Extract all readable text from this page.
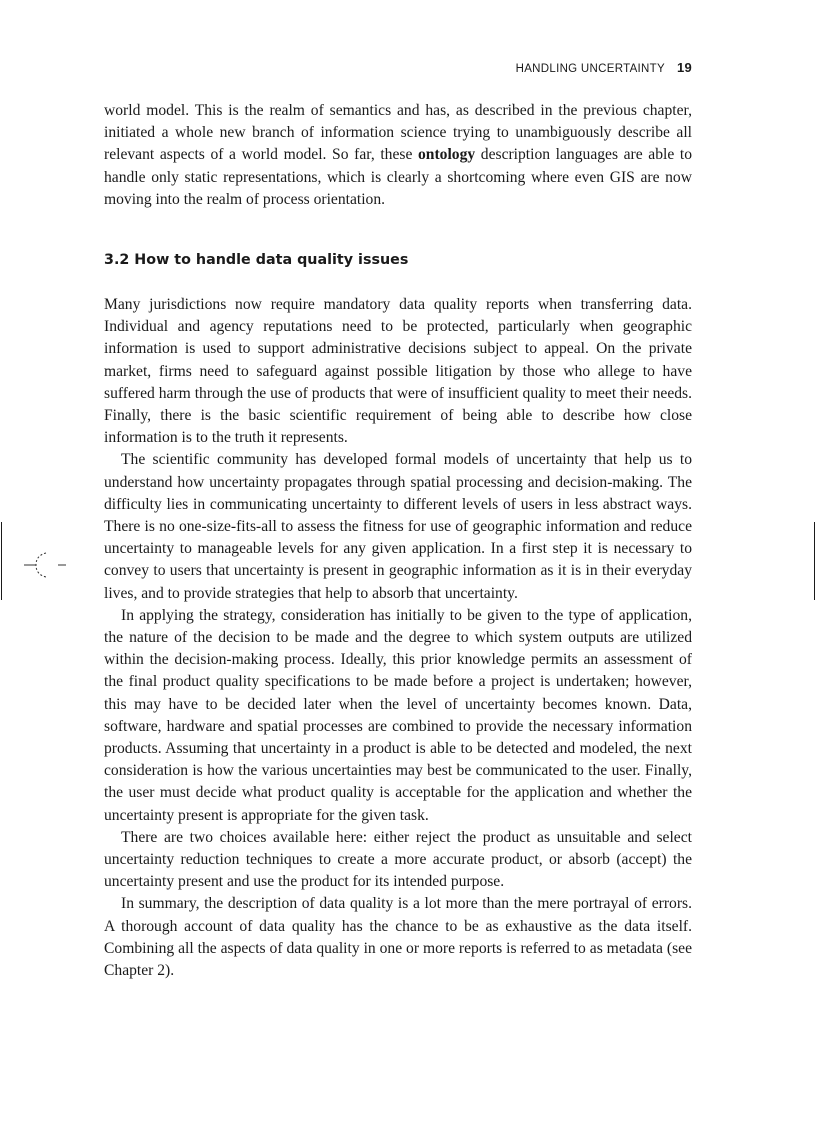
HANDLING UNCERTAINTY 19

world model. This is the realm of semantics and has, as described in the previous chapter, initiated a whole new branch of information science trying to unambiguously describe all relevant aspects of a world model. So far, these ontology description languages are able to handle only static representations, which is clearly a shortcoming where even GIS are now moving into the realm of process orientation.

3.2 How to handle data quality issues

Many jurisdictions now require mandatory data quality reports when transferring data. Individual and agency reputations need to be protected, particularly when geographic information is used to support administrative decisions subject to appeal. On the private market, firms need to safeguard against possible litigation by those who allege to have suffered harm through the use of products that were of insufficient quality to meet their needs. Finally, there is the basic scientific requirement of being able to describe how close information is to the truth it represents.

The scientific community has developed formal models of uncertainty that help us to understand how uncertainty propagates through spatial processing and decision-making. The difficulty lies in communicating uncertainty to different levels of users in less abstract ways. There is no one-size-fits-all to assess the fitness for use of geographic information and reduce uncertainty to manageable levels for any given application. In a first step it is necessary to convey to users that uncertainty is present in geographic information as it is in their everyday lives, and to provide strategies that help to absorb that uncertainty.

In applying the strategy, consideration has initially to be given to the type of application, the nature of the decision to be made and the degree to which system outputs are utilized within the decision-making process. Ideally, this prior knowledge permits an assessment of the final product quality specifications to be made before a project is undertaken; however, this may have to be decided later when the level of uncertainty becomes known. Data, software, hardware and spatial processes are combined to provide the necessary information products. Assuming that uncertainty in a product is able to be detected and modeled, the next consideration is how the various uncertainties may best be communicated to the user. Finally, the user must decide what product quality is acceptable for the application and whether the uncertainty present is appropriate for the given task.

There are two choices available here: either reject the product as unsuitable and select uncertainty reduction techniques to create a more accurate product, or absorb (accept) the uncertainty present and use the product for its intended purpose.

In summary, the description of data quality is a lot more than the mere portrayal of errors. A thorough account of data quality has the chance to be as exhaustive as the data itself. Combining all the aspects of data quality in one or more reports is referred to as metadata (see Chapter 2).
